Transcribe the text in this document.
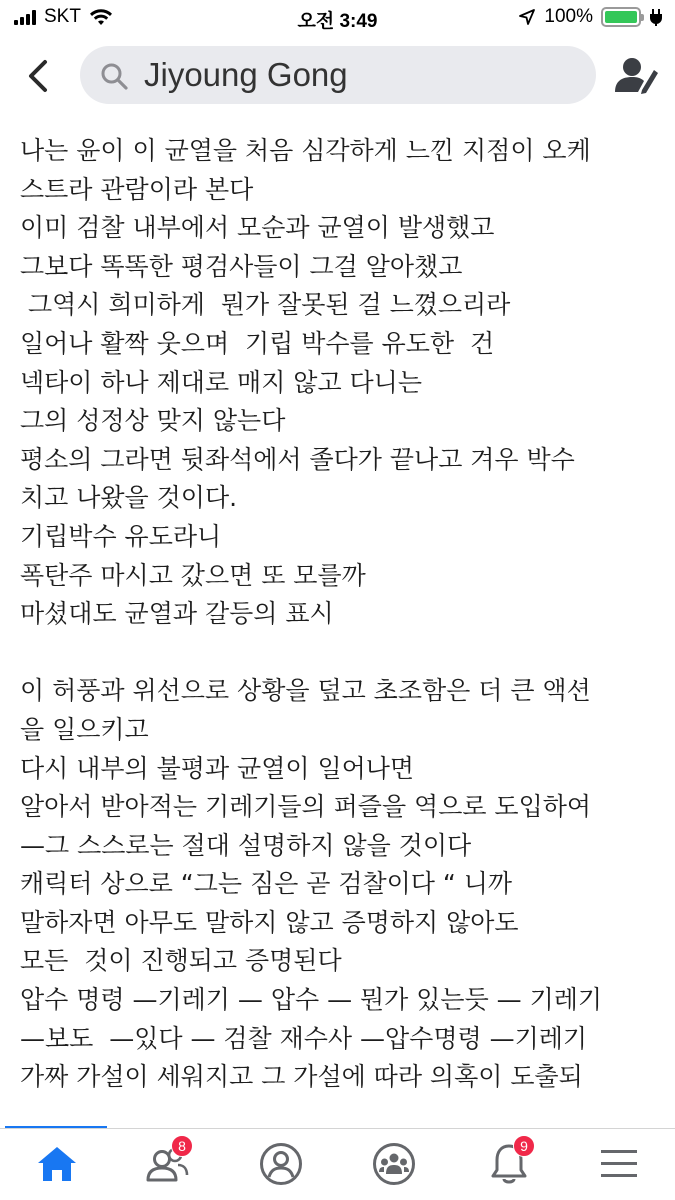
SKT	오전 3:49	100%
Jiyoung Gong
나는 윤이 이 균열을 처음 심각하게 느낀 지점이 오케
스트라 관람이라 본다
이미 검찰 내부에서 모순과 균열이 발생했고
그보다 똑똑한 평검사들이 그걸 알아챘고
그역시 희미하게  뭔가 잘못된 걸 느꼈으리라
일어나 활짝 웃으며  기립 박수를 유도한  건
넥타이 하나 제대로 매지 않고 다니는
그의 성정상 맞지 않는다
평소의 그라면 뒷좌석에서 졸다가 끝나고 겨우 박수
치고 나왔을 것이다.
기립박수 유도라니
폭탄주 마시고 갔으면 또 모를까
마셨대도 균열과 갈등의 표시
이 허풍과 위선으로 상황을 덮고 초조함은 더 큰 액션
을 일으키고
다시 내부의 불평과 균열이 일어나면
알아서 받아적는 기레기들의 퍼즐을 역으로 도입하여
—그 스스로는 절대 설명하지 않을 것이다
캐릭터 상으로 “그는 짐은 곧 검찰이다 “ 니까
말하자면 아무도 말하지 않고 증명하지 않아도
모든  것이 진행되고 증명된다
압수 명령 —기레기 — 압수 — 뭔가 있는듯 — 기레기
—보도  —있다 — 검찰 재수사 —압수명령 —기레기
가짜 가설이 세워지고 그 가설에 따라 의혹이 도출되
8	9
